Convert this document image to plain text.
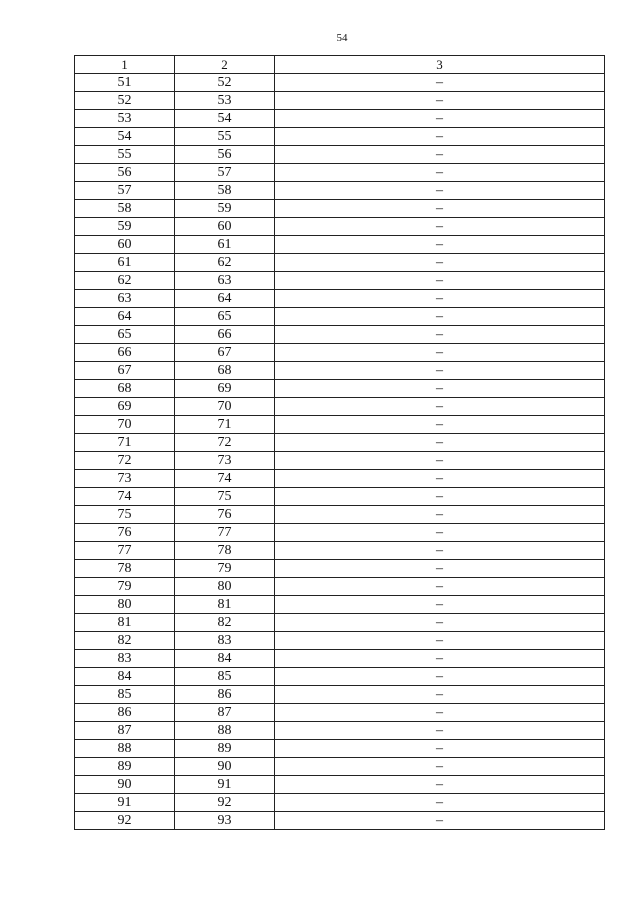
54
1	2	3
51	52	–
52	53	–
53	54	–
54	55	–
55	56	–
56	57	–
57	58	–
58	59	–
59	60	–
60	61	–
61	62	–
62	63	–
63	64	–
64	65	–
65	66	–
66	67	–
67	68	–
68	69	–
69	70	–
70	71	–
71	72	–
72	73	–
73	74	–
74	75	–
75	76	–
76	77	–
77	78	–
78	79	–
79	80	–
80	81	–
81	82	–
82	83	–
83	84	–
84	85	–
85	86	–
86	87	–
87	88	–
88	89	–
89	90	–
90	91	–
91	92	–
92	93	–
